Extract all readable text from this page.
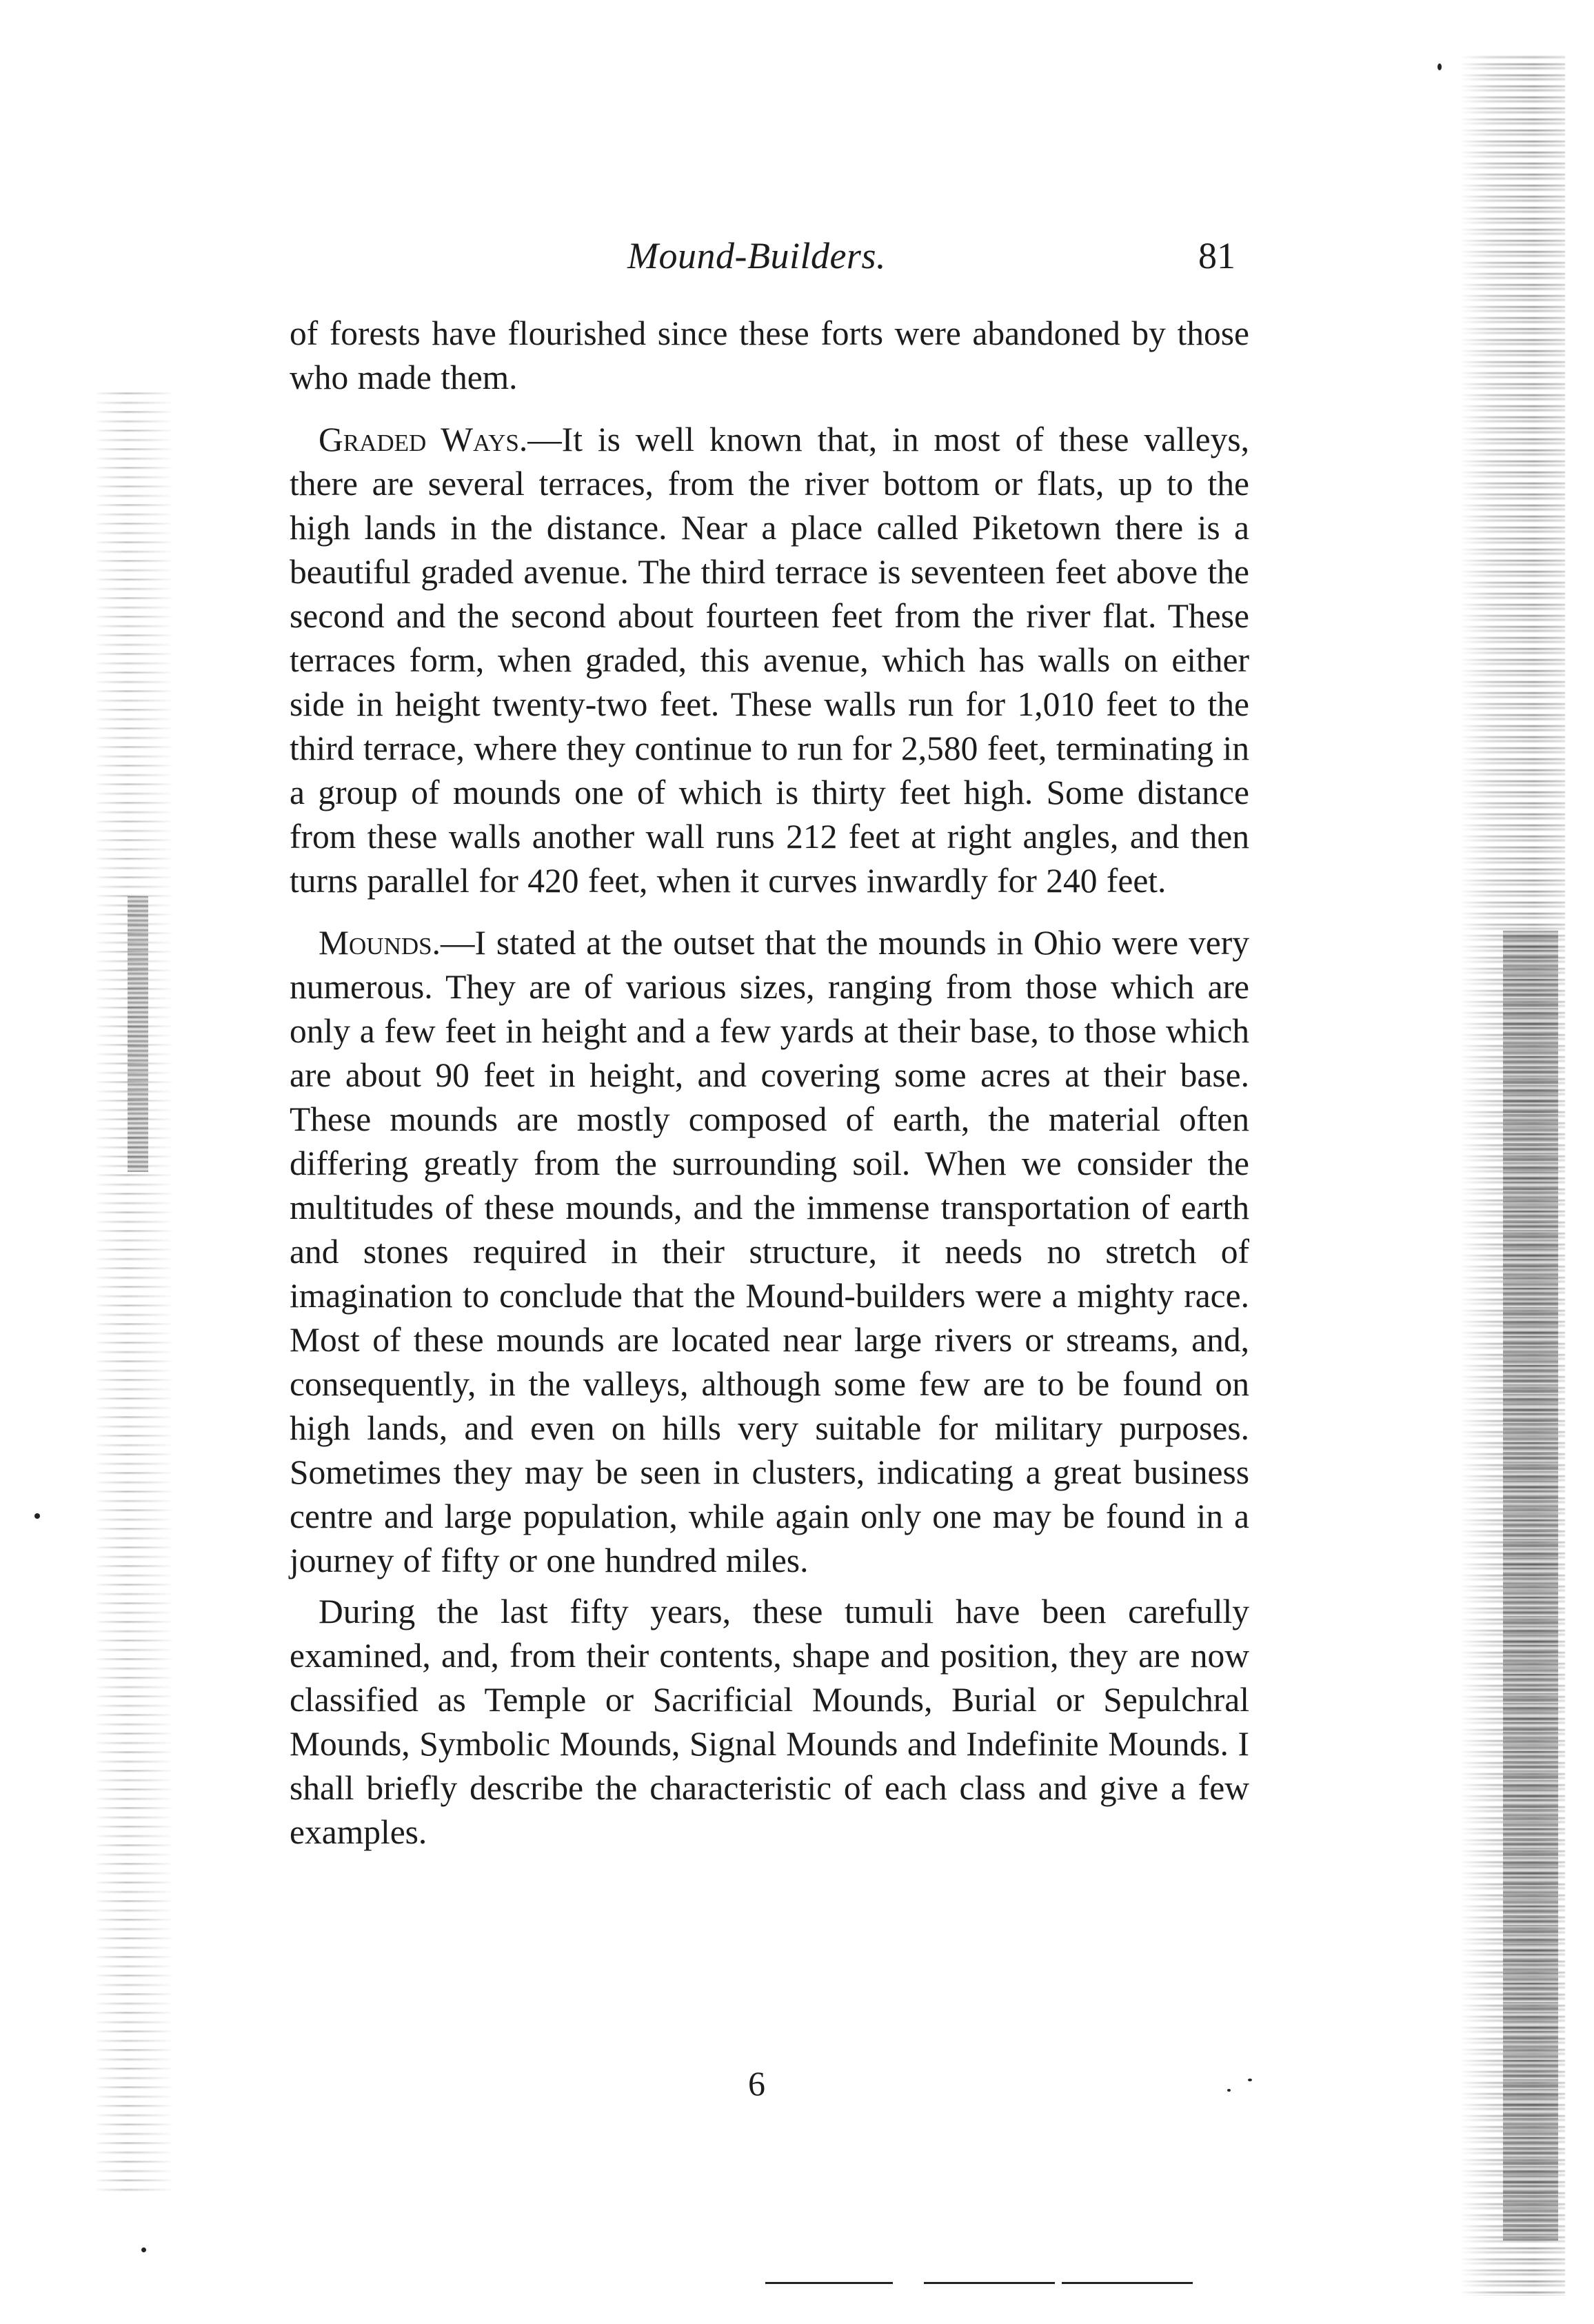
Mound-Builders.	81

of forests have flourished since these forts were abandoned by those who made them.

Graded Ways.—It is well known that, in most of these valleys, there are several terraces, from the river bottom or flats, up to the high lands in the distance. Near a place called Piketown there is a beautiful graded avenue. The third terrace is seventeen feet above the second and the second about fourteen feet from the river flat. These terraces form, when graded, this avenue, which has walls on either side in height twenty-two feet. These walls run for 1,010 feet to the third terrace, where they continue to run for 2,580 feet, terminating in a group of mounds one of which is thirty feet high. Some distance from these walls another wall runs 212 feet at right angles, and then turns parallel for 420 feet, when it curves inwardly for 240 feet.

Mounds.—I stated at the outset that the mounds in Ohio were very numerous. They are of various sizes, ranging from those which are only a few feet in height and a few yards at their base, to those which are about 90 feet in height, and covering some acres at their base. These mounds are mostly composed of earth, the material often differing greatly from the surrounding soil. When we consider the multitudes of these mounds, and the immense transportation of earth and stones required in their structure, it needs no stretch of imagination to conclude that the Mound-builders were a mighty race. Most of these mounds are located near large rivers or streams, and, consequently, in the valleys, although some few are to be found on high lands, and even on hills very suitable for military purposes. Sometimes they may be seen in clusters, indicating a great business centre and large population, while again only one may be found in a journey of fifty or one hundred miles.

During the last fifty years, these tumuli have been carefully examined, and, from their contents, shape and position, they are now classified as Temple or Sacrificial Mounds, Burial or Sepulchral Mounds, Symbolic Mounds, Signal Mounds and Indefinite Mounds. I shall briefly describe the characteristic of each class and give a few examples.

6
